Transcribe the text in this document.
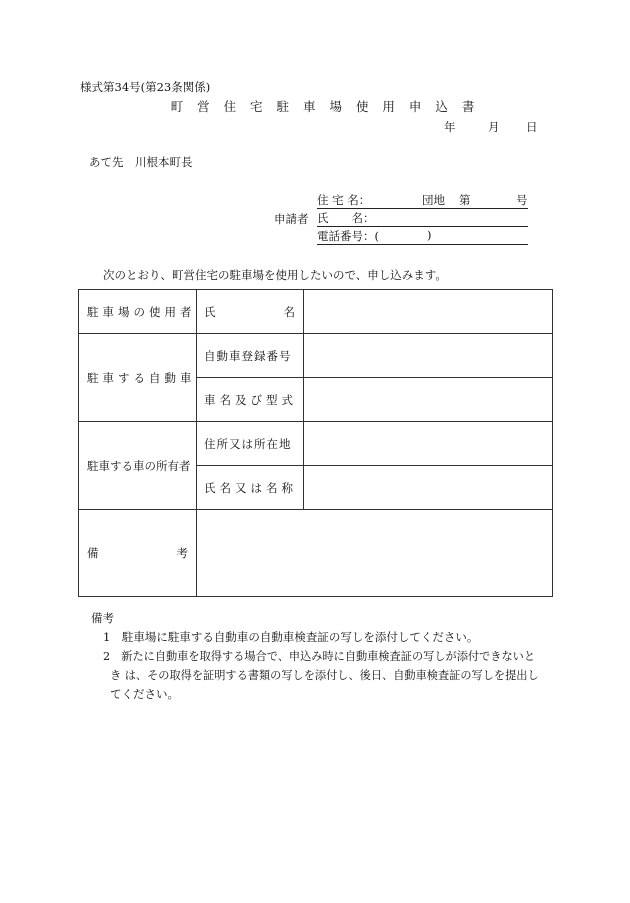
様式第34号(第23条関係)
町 営 住 宅 駐 車 場 使 用 申 込 書
年	月 日
あて先　川根本町長
申請者
住 宅 名：	団地 第	号
氏　　名：
電話番号：(	)
次のとおり、町営住宅の駐車場を使用したいので、申し込みます。
駐車場の使用者	氏 名	

駐車する自動車	自動車登録番号	
	車名及び型式	
駐車する車の所有者	住所又は所在地	
	氏名又は名称	

備 考		

備考
1　駐車場に駐車する自動車の自動車検査証の写しを添付してください。
2　新たに自動車を取得する場合で、申込み時に自動車検査証の写しが添付できないと
き は、その取得を証明する書類の写しを添付し、後日、自動車検査証の写しを提出し
てください。
